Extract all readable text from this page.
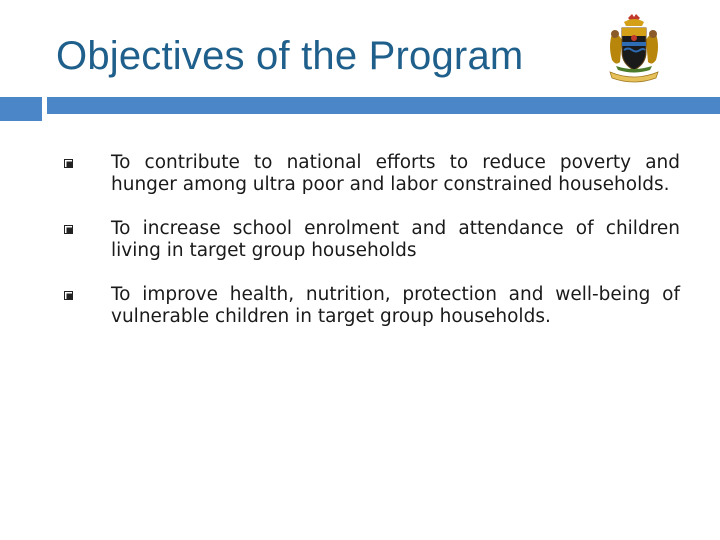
Objectives of the Program
To contribute to national efforts to reduce poverty and hunger among ultra poor and labor constrained households.
To increase school enrolment and attendance of children living in target group households
To improve health, nutrition, protection and well-being of vulnerable children in target group households.
